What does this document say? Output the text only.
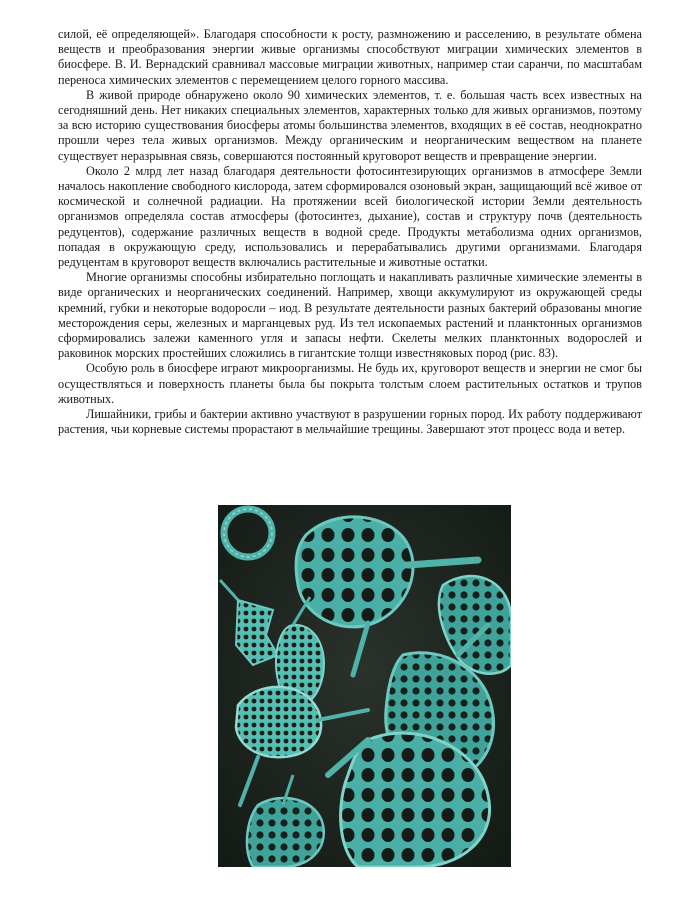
силой, её определяющей». Благодаря способности к росту, размножению и расселению, в результате обмена веществ и преобразования энергии живые организмы способствуют миграции химических элементов в биосфере. В. И. Вернадский сравнивал массовые миграции животных, например стаи саранчи, по масштабам переноса химических элементов с перемещением целого горного массива.

В живой природе обнаружено около 90 химических элементов, т. е. большая часть всех известных на сегодняшний день. Нет никаких специальных элементов, характерных только для живых организмов, поэтому за всю историю существования биосферы атомы большинства элементов, входящих в её состав, неоднократно прошли через тела живых организмов. Между органическим и неорганическим веществом на планете существует неразрывная связь, совершаются постоянный круговорот веществ и превращение энергии.

Около 2 млрд лет назад благодаря деятельности фотосинтезирующих организмов в атмосфере Земли началось накопление свободного кислорода, затем сформировался озоновый экран, защищающий всё живое от космической и солнечной радиации. На протяжении всей биологической истории Земли деятельность организмов определяла состав атмосферы (фотосинтез, дыхание), состав и структуру почв (деятельность редуцентов), содержание различных веществ в водной среде. Продукты метаболизма одних организмов, попадая в окружающую среду, использовались и перерабатывались другими организмами. Благодаря редуцентам в круговорот веществ включались растительные и животные остатки.

Многие организмы способны избирательно поглощать и накапливать различные химические элементы в виде органических и неорганических соединений. Например, хвощи аккумулируют из окружающей среды кремний, губки и некоторые водоросли – иод. В результате деятельности разных бактерий образованы многие месторождения серы, железных и марганцевых руд. Из тел ископаемых растений и планктонных организмов сформировались залежи каменного угля и запасы нефти. Скелеты мелких планктонных водорослей и раковинок морских простейших сложились в гигантские толщи известняковых пород (рис. 83).

Особую роль в биосфере играют микроорганизмы. Не будь их, круговорот веществ и энергии не смог бы осуществляться и поверхность планеты была бы покрыта толстым слоем растительных остатков и трупов животных.

Лишайники, грибы и бактерии активно участвуют в разрушении горных пород. Их работу поддерживают растения, чьи корневые системы прорастают в мельчайшие трещины. Завершают этот процесс вода и ветер.
